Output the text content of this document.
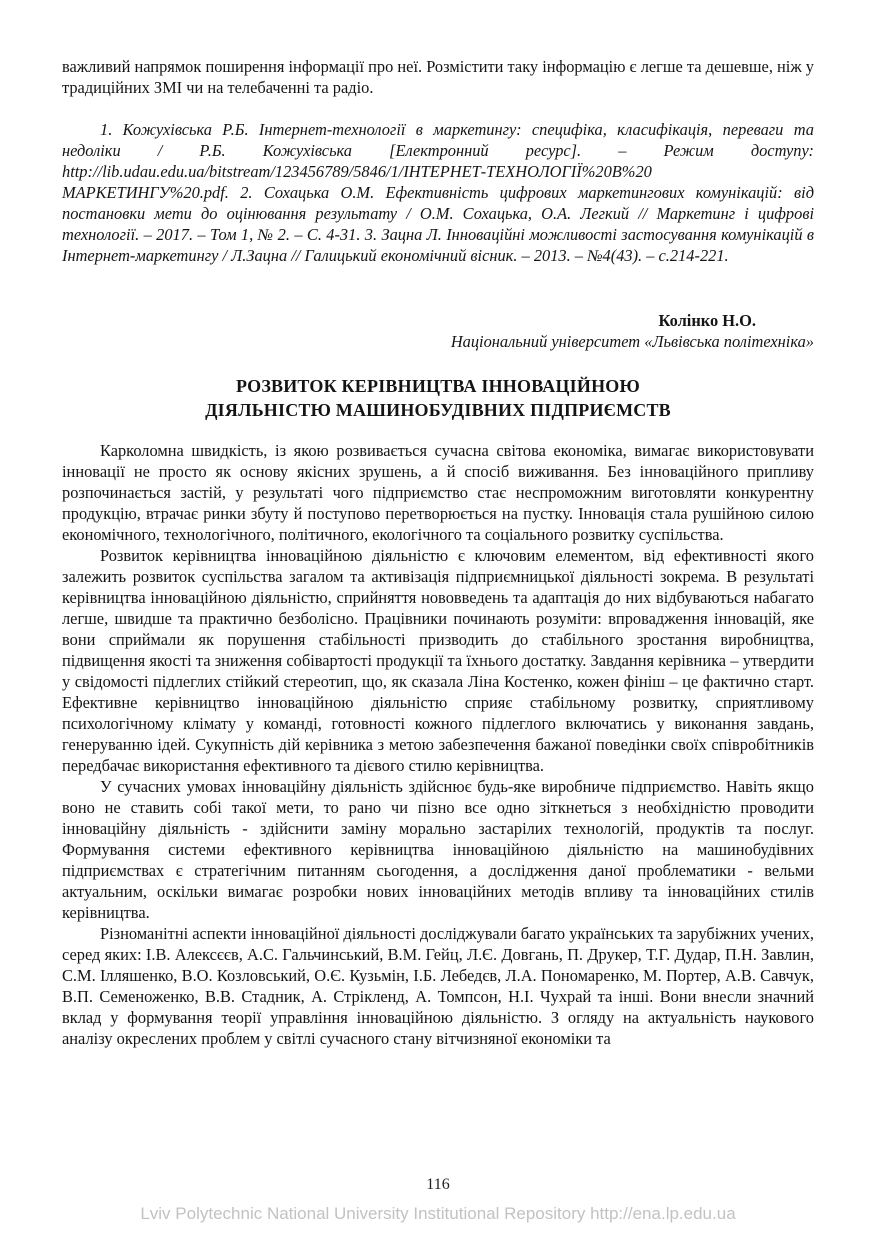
важливий напрямок поширення інформації про неї. Розмістити таку інформацію є легше та дешевше, ніж у традиційних ЗМІ чи на телебаченні та радіо.

1. Кожухівська Р.Б. Інтернет-технології в маркетингу: специфіка, класифікація, переваги та недоліки / Р.Б. Кожухівська [Електронний ресурс]. – Режим доступу: http://lib.udau.edu.ua/bitstream/123456789/5846/1/ІНТЕРНЕТ-ТЕХНОЛОГІЇ%20В%20 МАРКЕТИНГУ%20.pdf. 2. Сохацька О.М. Ефективність цифрових маркетингових комунікацій: від постановки мети до оцінювання результату / О.М. Сохацька, О.А. Легкий // Маркетинг і цифрові технології. – 2017. – Том 1, № 2. – С. 4-31. 3. Зацна Л. Інноваційні можливості застосування комунікацій в Інтернет-маркетингу / Л.Зацна // Галицький економічний вісник. – 2013. – №4(43). – с.214-221.

Колінко Н.О.
Національний університет «Львівська політехніка»
РОЗВИТОК КЕРІВНИЦТВА ІННОВАЦІЙНОЮ
ДІЯЛЬНІСТЮ МАШИНОБУДІВНИХ ПІДПРИЄМСТВ

Карколомна швидкість, із якою розвивається сучасна світова економіка, вимагає використовувати інновації не просто як основу якісних зрушень, а й спосіб виживання. Без інноваційного припливу розпочинається застій, у результаті чого підприємство стає неспроможним виготовляти конкурентну продукцію, втрачає ринки збуту й поступово перетворюється на пустку. Інновація стала рушійною силою економічного, технологічного, політичного, екологічного та соціального розвитку суспільства.

Розвиток керівництва інноваційною діяльністю є ключовим елементом, від ефективності якого залежить розвиток суспільства загалом та активізація підприємницької діяльності зокрема. В результаті керівництва інноваційною діяльністю, сприйняття нововведень та адаптація до них відбуваються набагато легше, швидше та практично безболісно. Працівники починають розуміти: впровадження інновацій, яке вони сприймали як порушення стабільності призводить до стабільного зростання виробництва, підвищення якості та зниження собівартості продукції та їхнього достатку. Завдання керівника – утвердити у свідомості підлеглих стійкий стереотип, що, як сказала Ліна Костенко, кожен фініш – це фактично старт. Ефективне керівництво інноваційною діяльністю сприяє стабільному розвитку, сприятливому психологічному клімату у команді, готовності кожного підлеглого включатись у виконання завдань, генеруванню ідей. Сукупність дій керівника з метою забезпечення бажаної поведінки своїх співробітників передбачає використання ефективного та дієвого стилю керівництва.

У сучасних умовах інноваційну діяльність здійснює будь-яке виробниче підприємство. Навіть якщо воно не ставить собі такої мети, то рано чи пізно все одно зіткнеться з необхідністю проводити інноваційну діяльність - здійснити заміну морально застарілих технологій, продуктів та послуг. Формування системи ефективного керівництва інноваційною діяльністю на машинобудівних підприємствах є стратегічним питанням сьогодення, а дослідження даної проблематики - вельми актуальним, оскільки вимагає розробки нових інноваційних методів впливу та інноваційних стилів керівництва.

Різноманітні аспекти інноваційної діяльності досліджували багато українських та зарубіжних учених, серед яких: І.В. Алексєєв, А.С. Гальчинський, В.М. Гейц, Л.Є. Довгань, П. Друкер, Т.Г. Дудар, П.Н. Завлин, С.М. Ілляшенко, В.О. Козловський, О.Є. Кузьмін, І.Б. Лебедєв, Л.А. Пономаренко, М. Портер, А.В. Савчук, В.П. Семеноженко, В.В. Стадник, А. Стрікленд, А. Томпсон, Н.І. Чухрай та інші. Вони внесли значний вклад у формування теорії управління інноваційною діяльністю. З огляду на актуальність наукового аналізу окреслених проблем у світлі сучасного стану вітчизняної економіки та

116
Lviv Polytechnic National University Institutional Repository http://ena.lp.edu.ua
